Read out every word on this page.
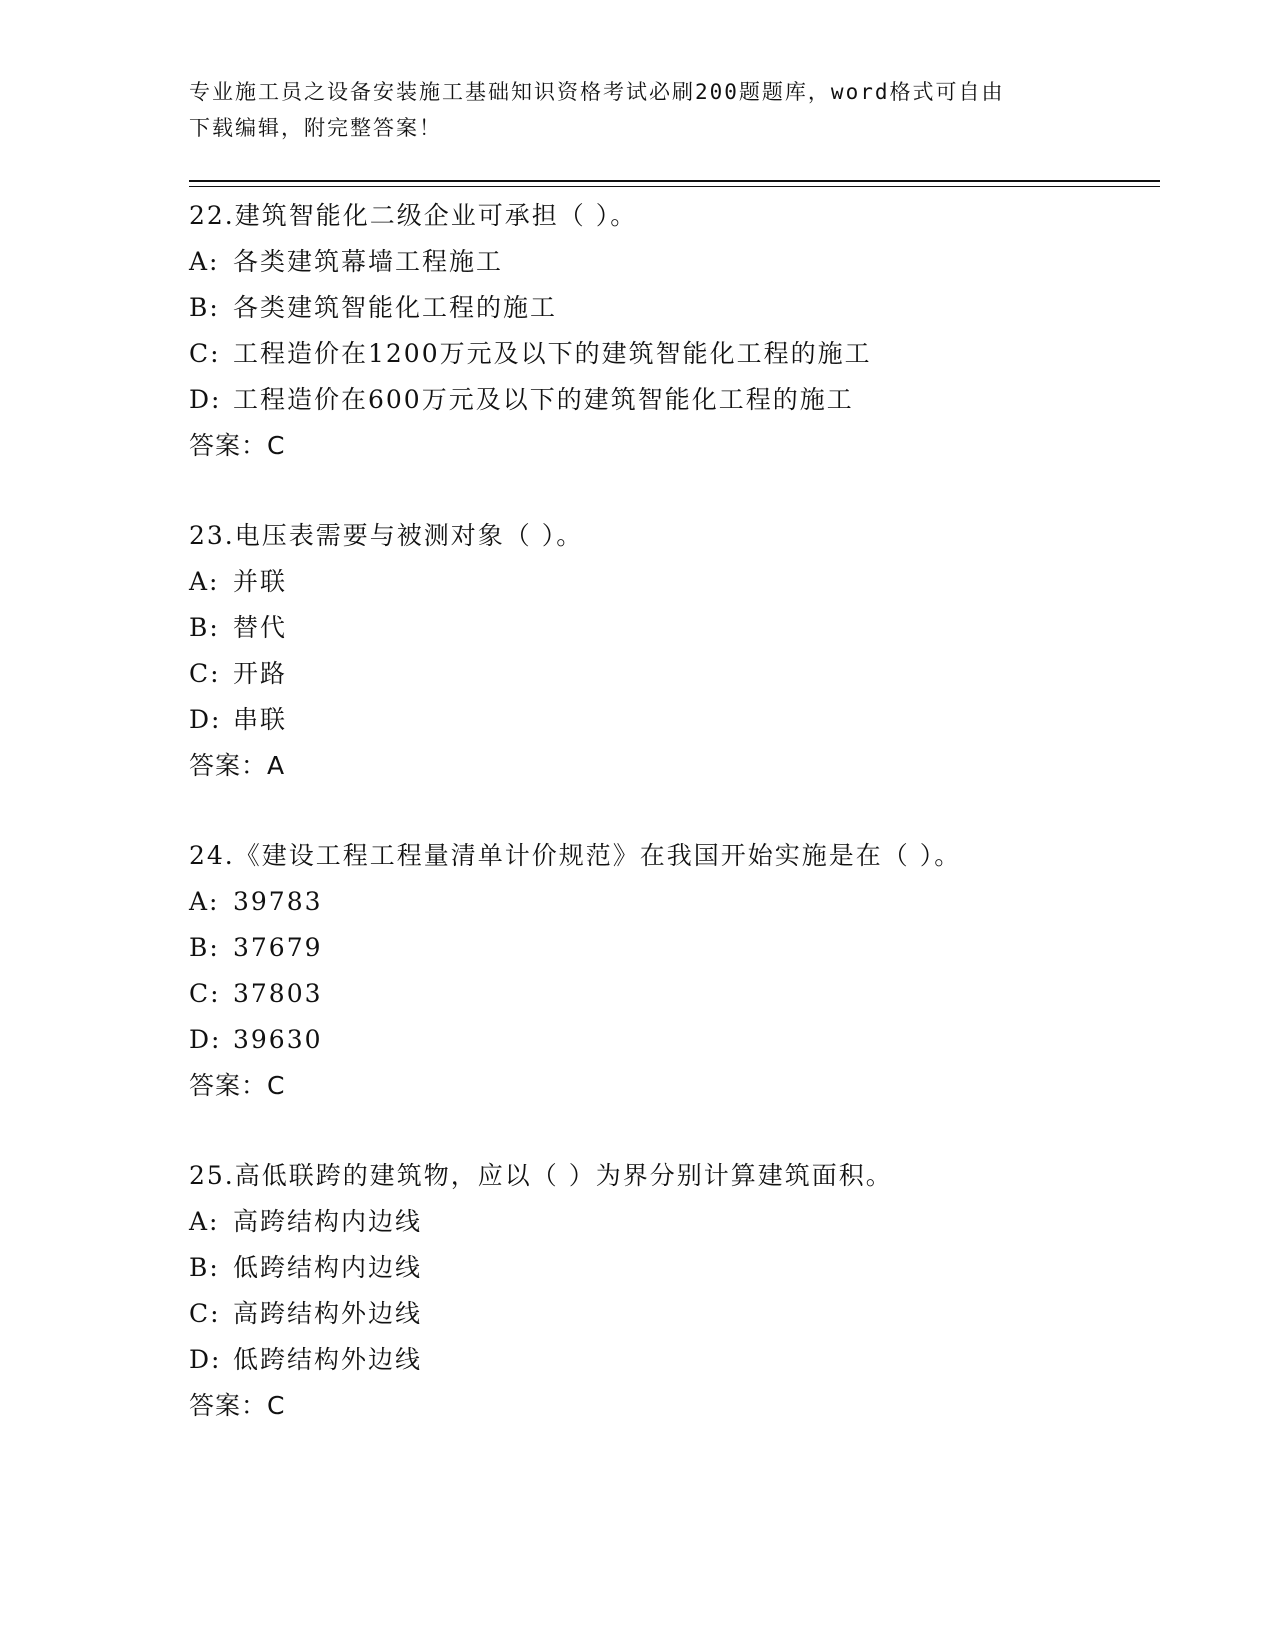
专业施工员之设备安装施工基础知识资格考试必刷200题题库，word格式可自由
下载编辑，附完整答案！
22.建筑智能化二级企业可承担（ ）。
A: 各类建筑幕墙工程施工
B: 各类建筑智能化工程的施工
C: 工程造价在1200万元及以下的建筑智能化工程的施工
D: 工程造价在600万元及以下的建筑智能化工程的施工
答案：C
23.电压表需要与被测对象（ ）。
A: 并联
B: 替代
C: 开路
D: 串联
答案：A
24.《建设工程工程量清单计价规范》在我国开始实施是在（ ）。
A: 39783
B: 37679
C: 37803
D: 39630
答案：C
25.高低联跨的建筑物，应以（ ）为界分别计算建筑面积。
A: 高跨结构内边线
B: 低跨结构内边线
C: 高跨结构外边线
D: 低跨结构外边线
答案：C
